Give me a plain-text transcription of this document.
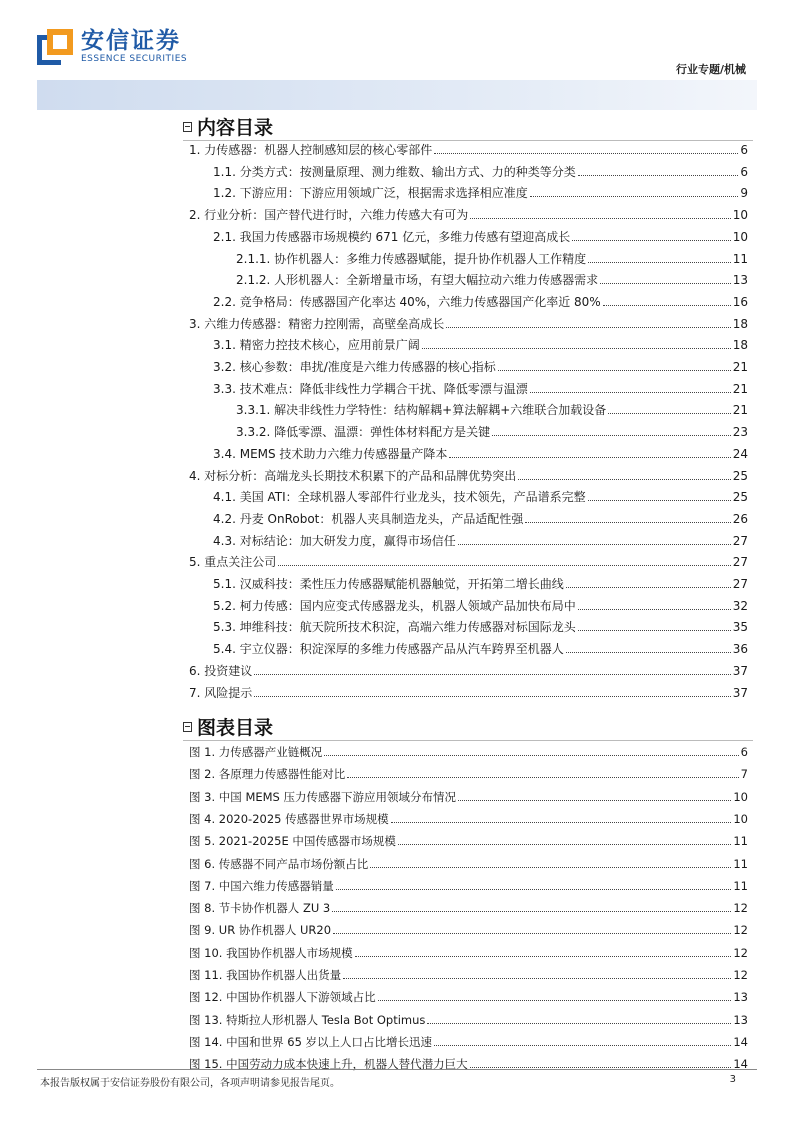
安信证券
ESSENCE SECURITIES
行业专题/机械
内容目录
1. 力传感器：机器人控制感知层的核心零部件	6
1.1. 分类方式：按测量原理、测力维数、输出方式、力的种类等分类	6
1.2. 下游应用：下游应用领域广泛，根据需求选择相应准度	9
2. 行业分析：国产替代进行时，六维力传感大有可为	10
2.1. 我国力传感器市场规模约 671 亿元，多维力传感有望迎高成长	10
2.1.1. 协作机器人：多维力传感器赋能，提升协作机器人工作精度	11
2.1.2. 人形机器人：全新增量市场，有望大幅拉动六维力传感器需求	13
2.2. 竞争格局：传感器国产化率达 40%，六维力传感器国产化率近 80%	16
3. 六维力传感器：精密力控刚需，高壁垒高成长	18
3.1. 精密力控技术核心，应用前景广阔	18
3.2. 核心参数：串扰/准度是六维力传感器的核心指标	21
3.3. 技术难点：降低非线性力学耦合干扰、降低零漂与温漂	21
3.3.1. 解决非线性力学特性：结构解耦+算法解耦+六维联合加载设备	21
3.3.2. 降低零漂、温漂：弹性体材料配方是关键	23
3.4. MEMS 技术助力六维力传感器量产降本	24
4. 对标分析：高端龙头长期技术积累下的产品和品牌优势突出	25
4.1. 美国 ATI：全球机器人零部件行业龙头，技术领先，产品谱系完整	25
4.2. 丹麦 OnRobot：机器人夹具制造龙头，产品适配性强	26
4.3. 对标结论：加大研发力度，赢得市场信任	27
5. 重点关注公司	27
5.1. 汉威科技：柔性压力传感器赋能机器触觉，开拓第二增长曲线	27
5.2. 柯力传感：国内应变式传感器龙头，机器人领域产品加快布局中	32
5.3. 坤维科技：航天院所技术积淀，高端六维力传感器对标国际龙头	35
5.4. 宇立仪器：积淀深厚的多维力传感器产品从汽车跨界至机器人	36
6. 投资建议	37
7. 风险提示	37
图表目录
图 1. 力传感器产业链概况	6
图 2. 各原理力传感器性能对比	7
图 3. 中国 MEMS 压力传感器下游应用领域分布情况	10
图 4. 2020-2025 传感器世界市场规模	10
图 5. 2021-2025E 中国传感器市场规模	11
图 6. 传感器不同产品市场份额占比	11
图 7. 中国六维力传感器销量	11
图 8. 节卡协作机器人 ZU 3	12
图 9. UR 协作机器人 UR20	12
图 10. 我国协作机器人市场规模	12
图 11. 我国协作机器人出货量	12
图 12. 中国协作机器人下游领域占比	13
图 13. 特斯拉人形机器人 Tesla Bot Optimus	13
图 14. 中国和世界 65 岁以上人口占比增长迅速	14
图 15. 中国劳动力成本快速上升，机器人替代潜力巨大	14
本报告版权属于安信证券股份有限公司，各项声明请参见报告尾页。	3
